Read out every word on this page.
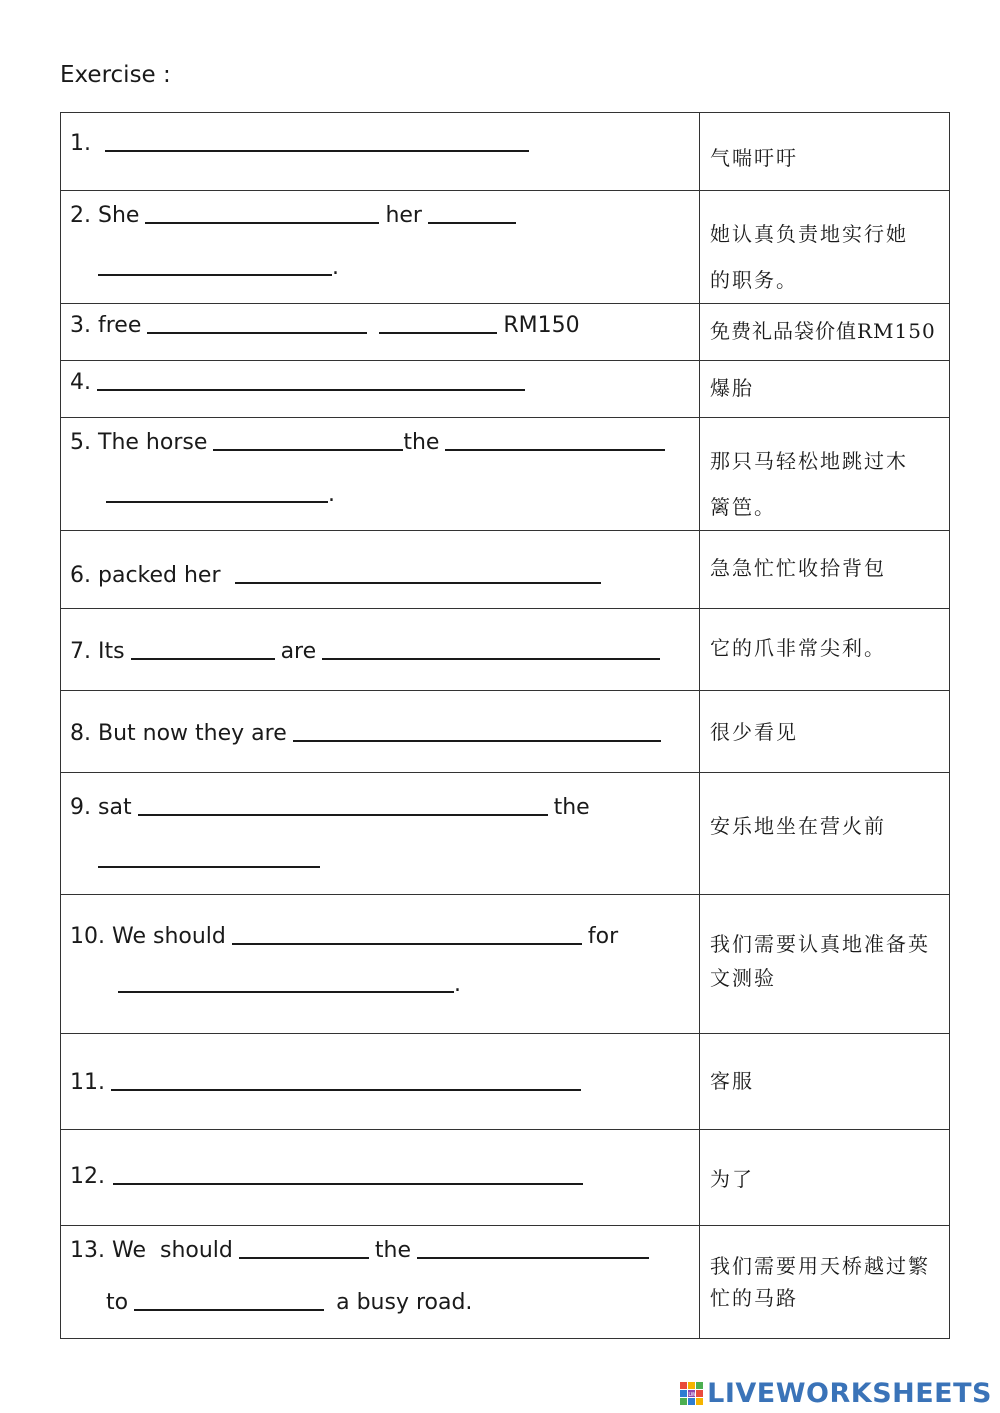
Exercise :
1.	气喘吁吁

2. She her
.	她认真负责地实行她的职务。

3. free RM150	免费礼品袋价值RM150

4.	爆胎

5. The horse the
.	那只马轻松地跳过木篱笆。

6. packed her	急急忙忙收拾背包

7. Its are	它的爪非常尖利。

8. But now they are	很少看见

9. sat the	安乐地坐在营火前

10. We should for
.	我们需要认真地准备英文测验

11.	客服

12.	为了

13. We  should the
to a busy road.	我们需要用天桥越过繁忙的马路
LW LIVEWORKSHEETS
